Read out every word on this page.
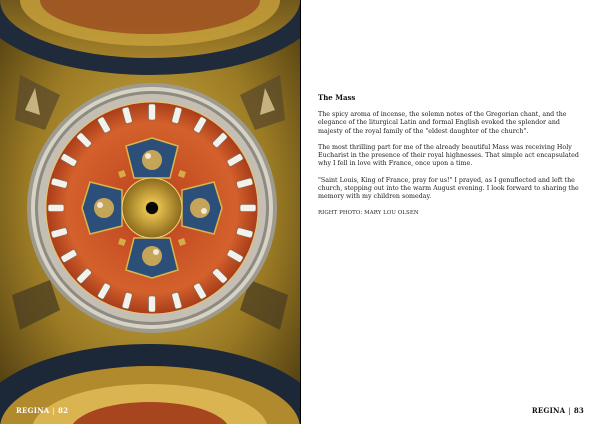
REGINA | 82
The Mass

The spicy aroma of incense, the solemn notes of the Gregorian chant, and the elegance of the liturgical Latin and formal English evoked the splendor and majesty of the royal family of the "eldest daughter of the church".

The most thrilling part for me of the already beautiful Mass was receiving Holy Eucharist in the presence of their royal highnesses. That simple act encapsulated why I fell in love with France, once upon a time.

"Saint Louis, King of France, pray for us!" I prayed, as I genuflected and left the church, stepping out into the warm August evening. I look forward to sharing the memory with my children someday.

RIGHT PHOTO: MARY LOU OLSEN

REGINA | 83
